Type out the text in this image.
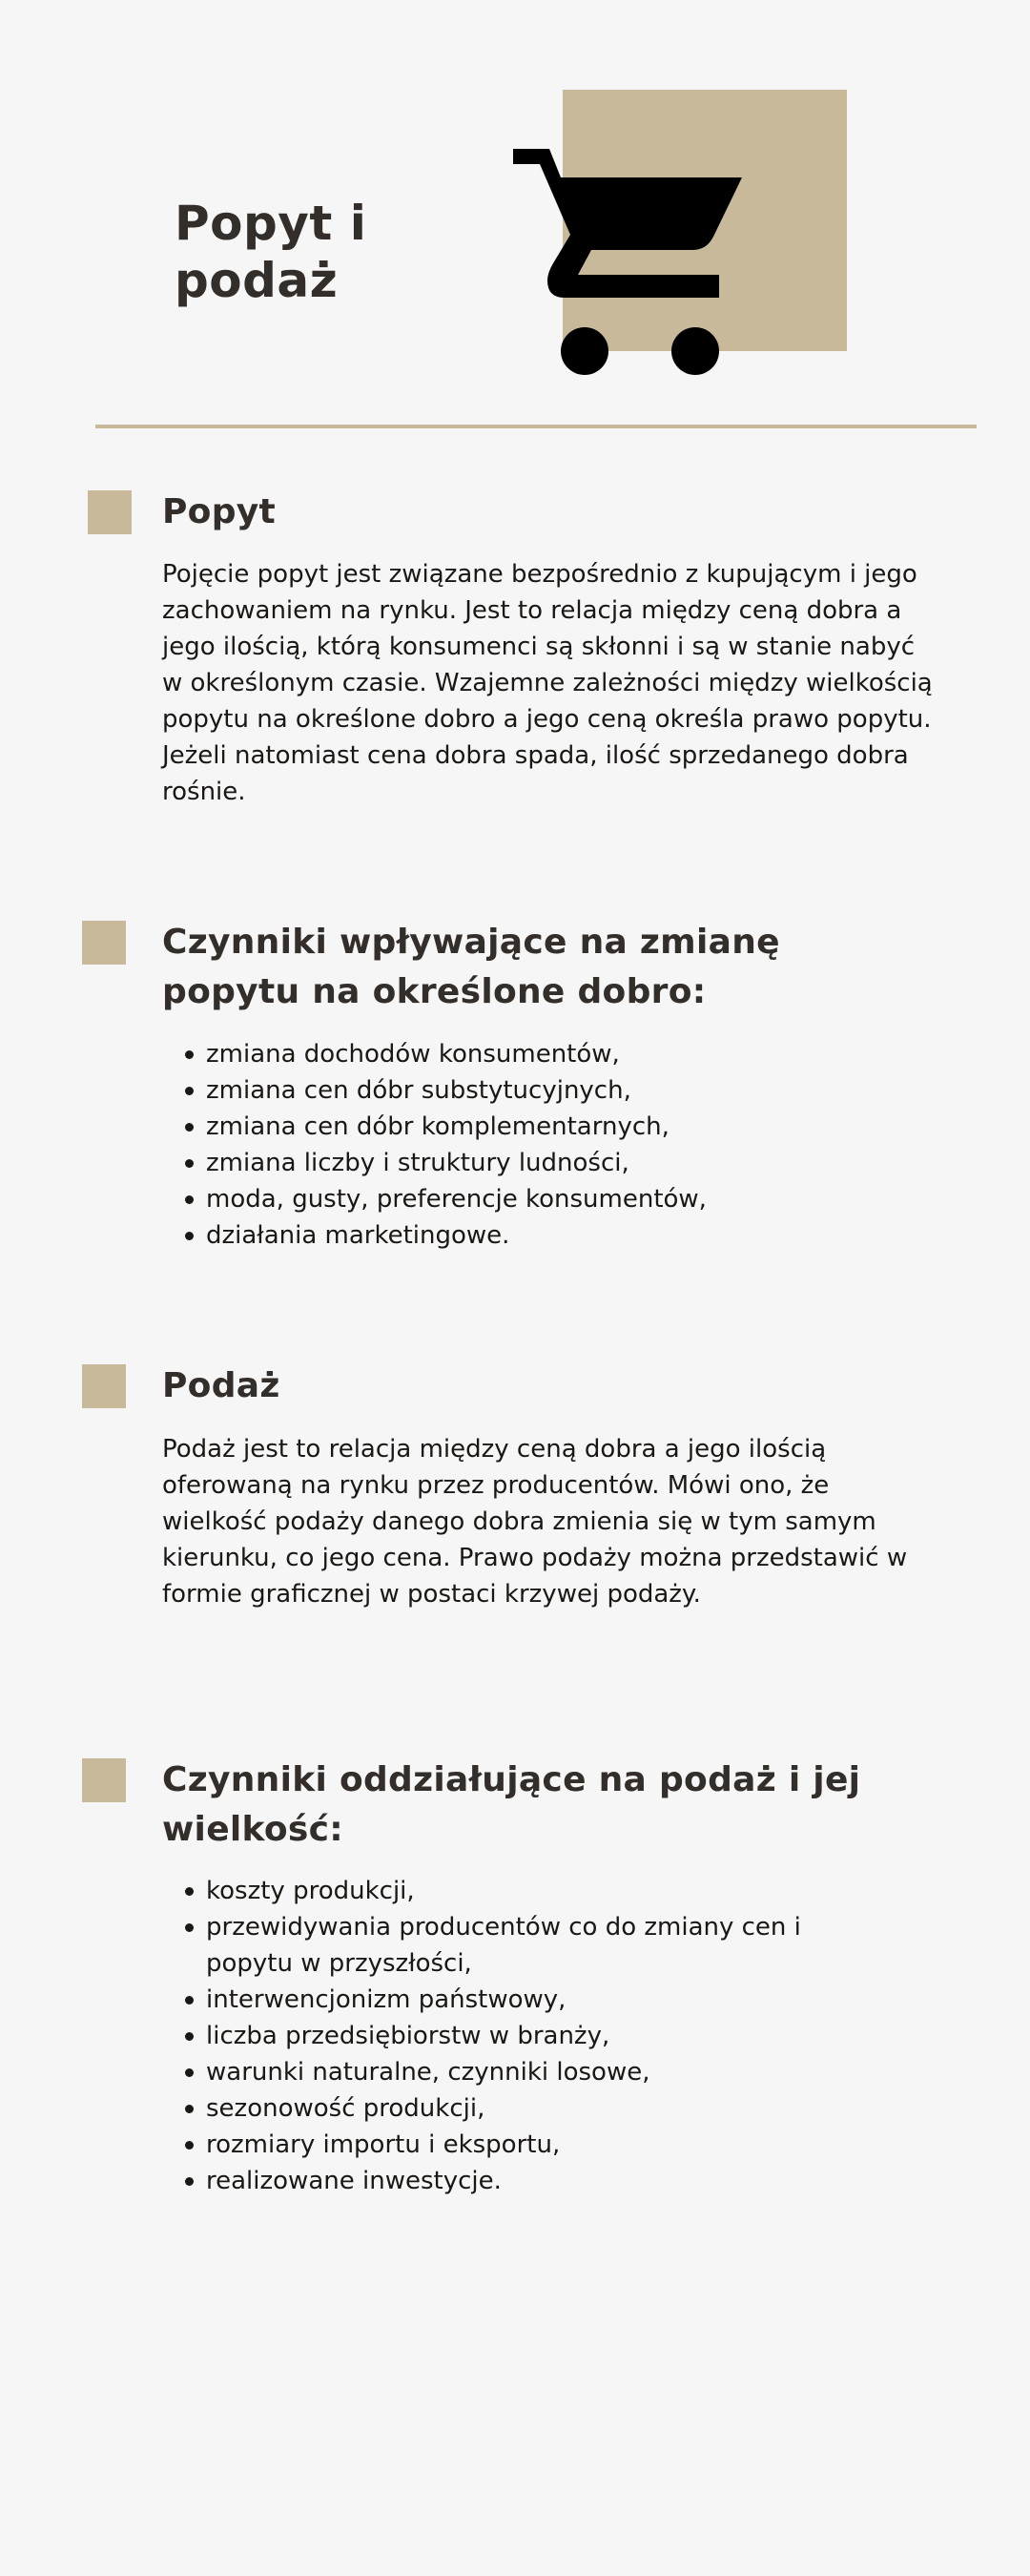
Popyt i
podaż
Popyt

Pojęcie popyt jest związane bezpośrednio z kupującym i jego zachowaniem na rynku. Jest to relacja między ceną dobra a jego ilością, którą konsumenci są skłonni i są w stanie nabyć w określonym czasie. Wzajemne zależności między wielkością popytu na określone dobro a jego ceną określa prawo popytu. Jeżeli natomiast cena dobra spada, ilość sprzedanego dobra rośnie.

Czynniki wpływające na zmianę
popytu na określone dobro:
zmiana dochodów konsumentów,
zmiana cen dóbr substytucyjnych,
zmiana cen dóbr komplementarnych,
zmiana liczby i struktury ludności,
moda, gusty, preferencje konsumentów,
działania marketingowe.
Podaż

Podaż jest to relacja między ceną dobra a jego ilością oferowaną na rynku przez producentów. Mówi ono, że wielkość podaży danego dobra zmienia się w tym samym kierunku, co jego cena. Prawo podaży można przedstawić w formie graficznej w postaci krzywej podaży.

Czynniki oddziałujące na podaż i jej
wielkość:
koszty produkcji,
przewidywania producentów co do zmiany cen i popytu w przyszłości,
interwencjonizm państwowy,
liczba przedsiębiorstw w branży,
warunki naturalne, czynniki losowe,
sezonowość produkcji,
rozmiary importu i eksportu,
realizowane inwestycje.
